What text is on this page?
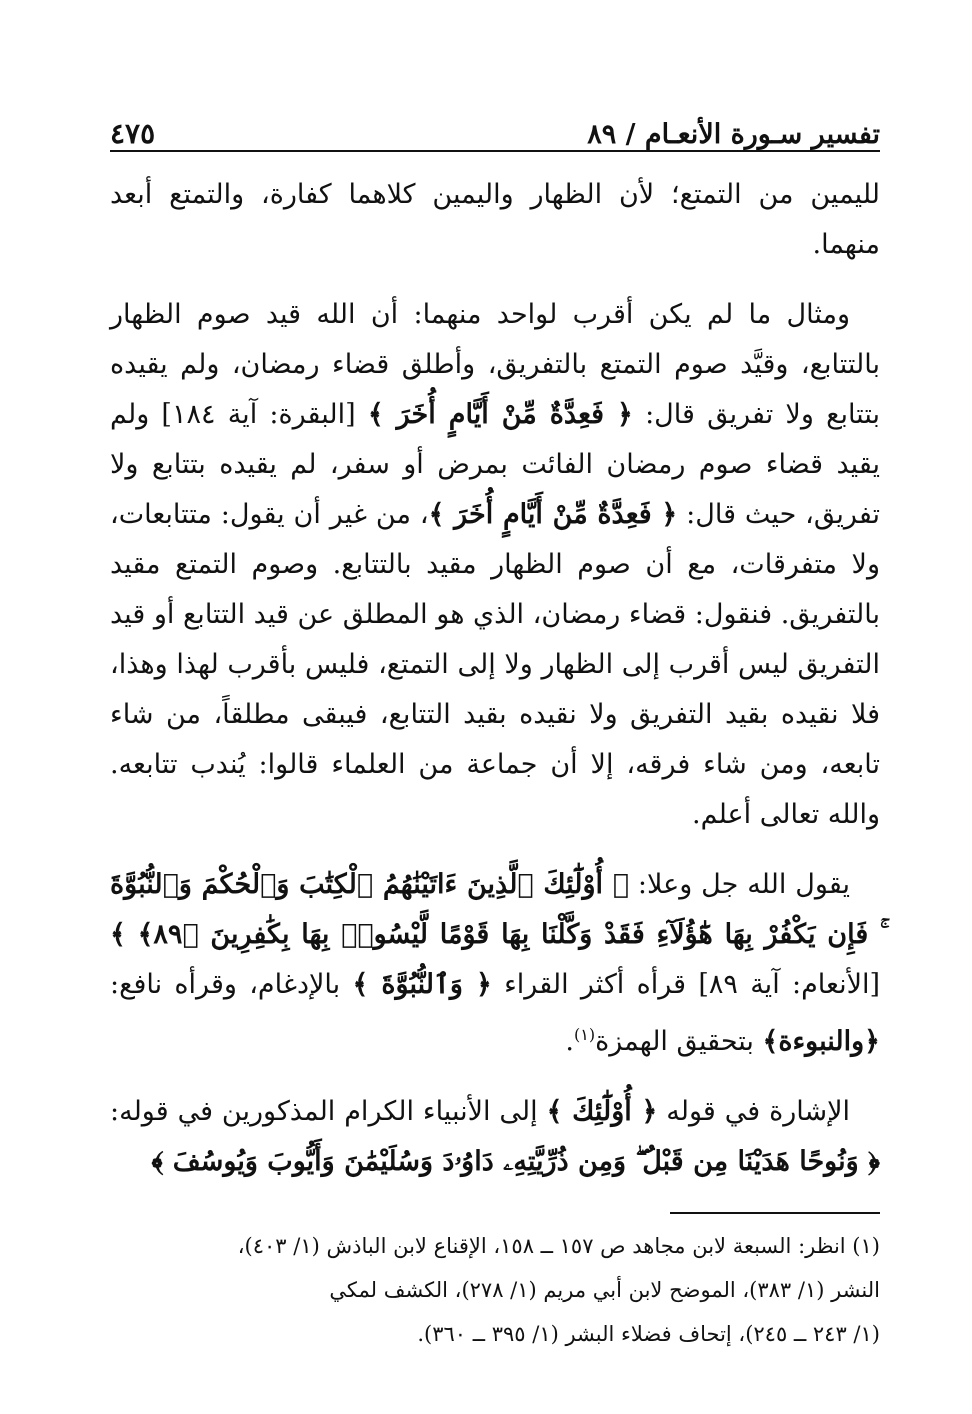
تفسير سـورة الأنعـام / ٨٩
٤٧٥

لليمين من التمتع؛ لأن الظهار واليمين كلاهما كفارة، والتمتع أبعد منهما.

ومثال ما لم يكن أقرب لواحد منهما: أن الله قيد صوم الظهار بالتتابع، وقيَّد صوم التمتع بالتفريق، وأطلق قضاء رمضان، ولم يقيده بتتابع ولا تفريق قال: ﴿ فَعِدَّةٌ مِّنْ أَيَّامٍ أُخَرَ ﴾ [البقرة: آية ١٨٤] ولم يقيد قضاء صوم رمضان الفائت بمرض أو سفر، لم يقيده بتتابع ولا تفريق، حيث قال: ﴿ فَعِدَّةٌ مِّنْ أَيَّامٍ أُخَرَ ﴾، من غير أن يقول: متتابعات، ولا متفرقات، مع أن صوم الظهار مقيد بالتتابع. وصوم التمتع مقيد بالتفريق. فنقول: قضاء رمضان، الذي هو المطلق عن قيد التتابع أو قيد التفريق ليس أقرب إلى الظهار ولا إلى التمتع، فليس بأقرب لهذا وهذا، فلا نقيده بقيد التفريق ولا نقيده بقيد التتابع، فيبقى مطلقاً، من شاء تابعه، ومن شاء فرقه، إلا أن جماعة من العلماء قالوا: يُندب تتابعه. والله تعالى أعلم.

يقول الله جل وعلا: ﴿ أُوْلَٰٓئِكَ ٱلَّذِينَ ءَاتَيْنَٰهُمُ ٱلْكِتَٰبَ وَٱلْحُكْمَ وَٱلنُّبُوَّةَ ۚ فَإِن يَكْفُرْ بِهَا هَٰٓؤُلَآءِ فَقَدْ وَكَّلْنَا بِهَا قَوْمًا لَّيْسُوا۟ بِهَا بِكَٰفِرِينَ ﴿٨٩﴾ ﴾ [الأنعام: آية ٨٩] قرأه أكثر القراء ﴿ وَٱلنُّبُوَّةَ ﴾ بالإدغام، وقرأه نافع: ﴿والنبوءة﴾ بتحقيق الهمزة$^{(١)}$.

الإشارة في قوله ﴿ أُوْلَٰٓئِكَ ﴾ إلى الأنبياء الكرام المذكورين في قوله: ﴿ وَنُوحًا هَدَيْنَا مِن قَبْلُ ۖ وَمِن ذُرِّيَّتِهِۦ دَاوُۥدَ وَسُلَيْمَٰنَ وَأَيُّوبَ وَيُوسُفَ ﴾

(١) انظر: السبعة لابن مجاهد ص ١٥٧ ــ ١٥٨، الإقناع لابن الباذش (١/ ٤٠٣)،

النشر (١/ ٣٨٣)، الموضح لابن أبي مريم (١/ ٢٧٨)، الكشف لمكي

(١/ ٢٤٣ ــ ٢٤٥)، إتحاف فضلاء البشر (١/ ٣٩٥ ــ ٣٦٠).
